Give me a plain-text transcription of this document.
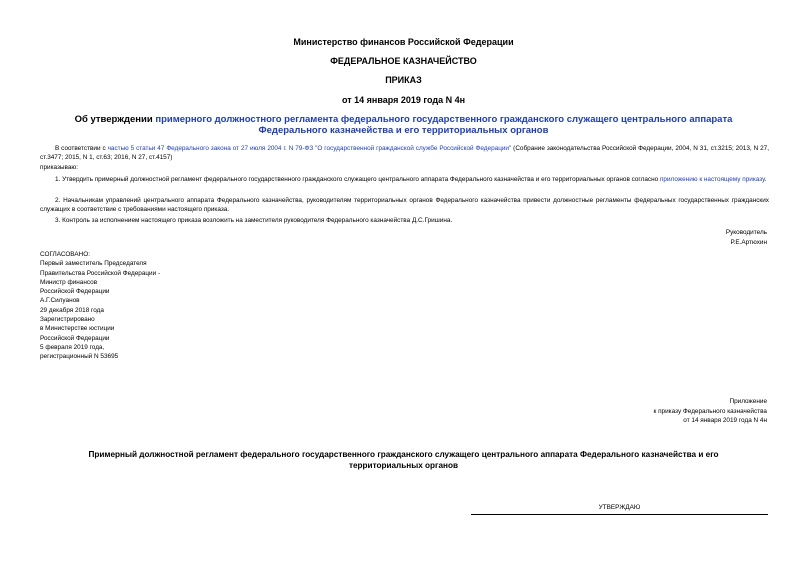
Министерство финансов Российской Федерации
ФЕДЕРАЛЬНОЕ КАЗНАЧЕЙСТВО
ПРИКАЗ
от 14 января 2019 года N 4н
Об утверждении примерного должностного регламента федерального государственного гражданского служащего центрального аппарата Федерального казначейства и его территориальных органов
В соответствии с частью 5 статьи 47 Федерального закона от 27 июля 2004 г. N 79-ФЗ "О государственной гражданской службе Российской Федерации" (Собрание законодательства Российской Федерации, 2004, N 31, ст.3215; 2013, N 27, ст.3477; 2015, N 1, ст.63; 2016, N 27, ст.4157)
приказываю:
1. Утвердить примерный должностной регламент федерального государственного гражданского служащего центрального аппарата Федерального казначейства и его территориальных органов согласно приложению к настоящему приказу.
2. Начальникам управлений центрального аппарата Федерального казначейства, руководителям территориальных органов Федерального казначейства привести должностные регламенты федеральных государственных гражданских служащих в соответствие с требованиями настоящего приказа.
3. Контроль за исполнением настоящего приказа возложить на заместителя руководителя Федерального казначейства Д.С.Гришина.
Руководитель
Р.Е.Артюхин
СОГЛАСОВАНО:
Первый заместитель Председателя
Правительства Российской Федерации -
Министр финансов
Российской Федерации
А.Г.Силуанов
29 декабря 2018 года
Зарегистрировано
в Министерстве юстиции
Российской Федерации
5 февраля 2019 года,
регистрационный N 53695
Приложение
к приказу Федерального казначейства
от 14 января 2019 года N 4н
Примерный должностной регламент федерального государственного гражданского служащего центрального аппарата Федерального казначейства и его территориальных органов
УТВЕРЖДАЮ
